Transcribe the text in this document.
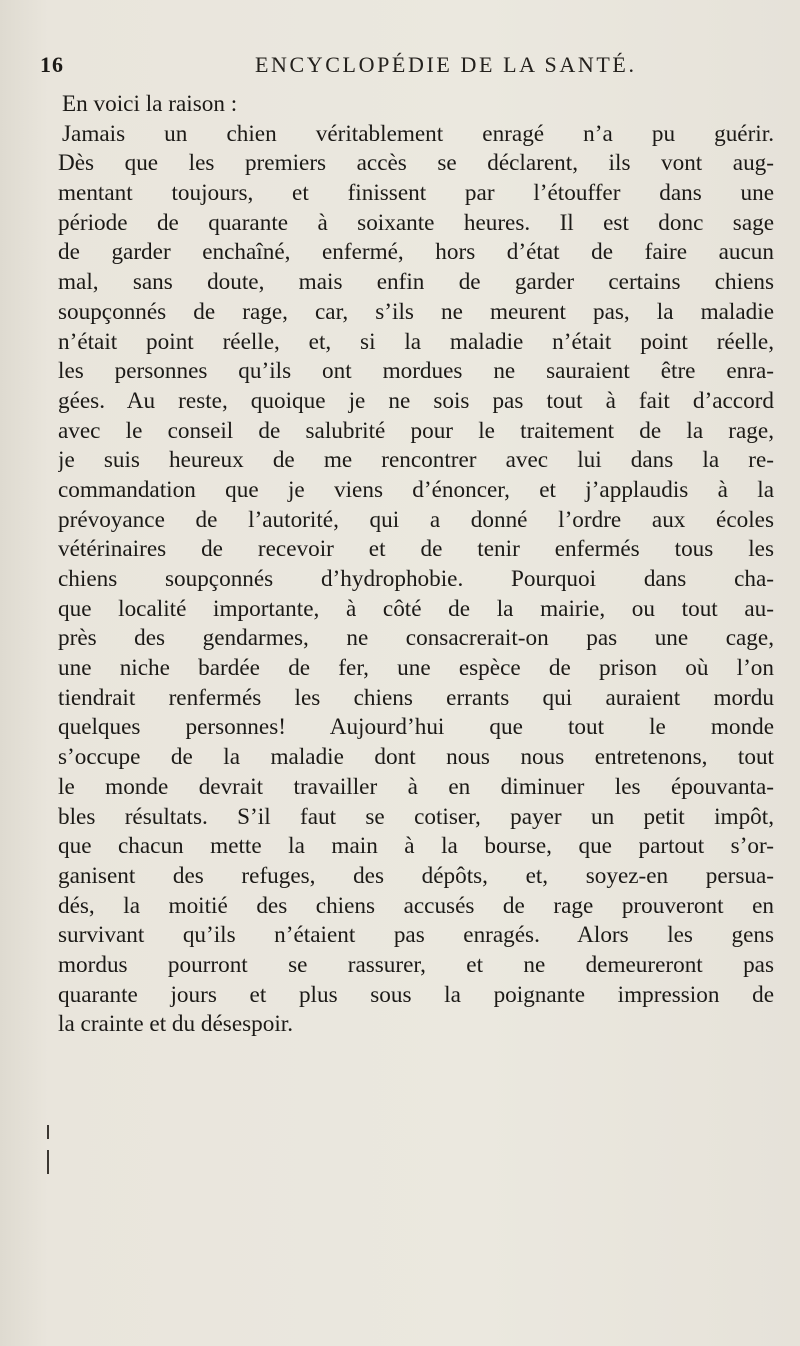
16	ENCYCLOPÉDIE DE LA SANTÉ.
En voici la raison :
Jamais un chien véritablement enragé n’a pu guérir.
Dès que les premiers accès se déclarent, ils vont aug-
mentant toujours, et finissent par l’étouffer dans une
période de quarante à soixante heures. Il est donc sage
de garder enchaîné, enfermé, hors d’état de faire aucun
mal, sans doute, mais enfin de garder certains chiens
soupçonnés de rage, car, s’ils ne meurent pas, la maladie
n’était point réelle, et, si la maladie n’était point réelle,
les personnes qu’ils ont mordues ne sauraient être enra-
gées. Au reste, quoique je ne sois pas tout à fait d’accord
avec le conseil de salubrité pour le traitement de la rage,
je suis heureux de me rencontrer avec lui dans la re-
commandation que je viens d’énoncer, et j’applaudis à la
prévoyance de l’autorité, qui a donné l’ordre aux écoles
vétérinaires de recevoir et de tenir enfermés tous les
chiens soupçonnés d’hydrophobie. Pourquoi dans cha-
que localité importante, à côté de la mairie, ou tout au-
près des gendarmes, ne consacrerait-on pas une cage,
une niche bardée de fer, une espèce de prison où l’on
tiendrait renfermés les chiens errants qui auraient mordu
quelques personnes! Aujourd’hui que tout le monde
s’occupe de la maladie dont nous nous entretenons, tout
le monde devrait travailler à en diminuer les épouvanta-
bles résultats. S’il faut se cotiser, payer un petit impôt,
que chacun mette la main à la bourse, que partout s’or-
ganisent des refuges, des dépôts, et, soyez-en persua-
dés, la moitié des chiens accusés de rage prouveront en
survivant qu’ils n’étaient pas enragés. Alors les gens
mordus pourront se rassurer, et ne demeureront pas
quarante jours et plus sous la poignante impression de
la crainte et du désespoir.
